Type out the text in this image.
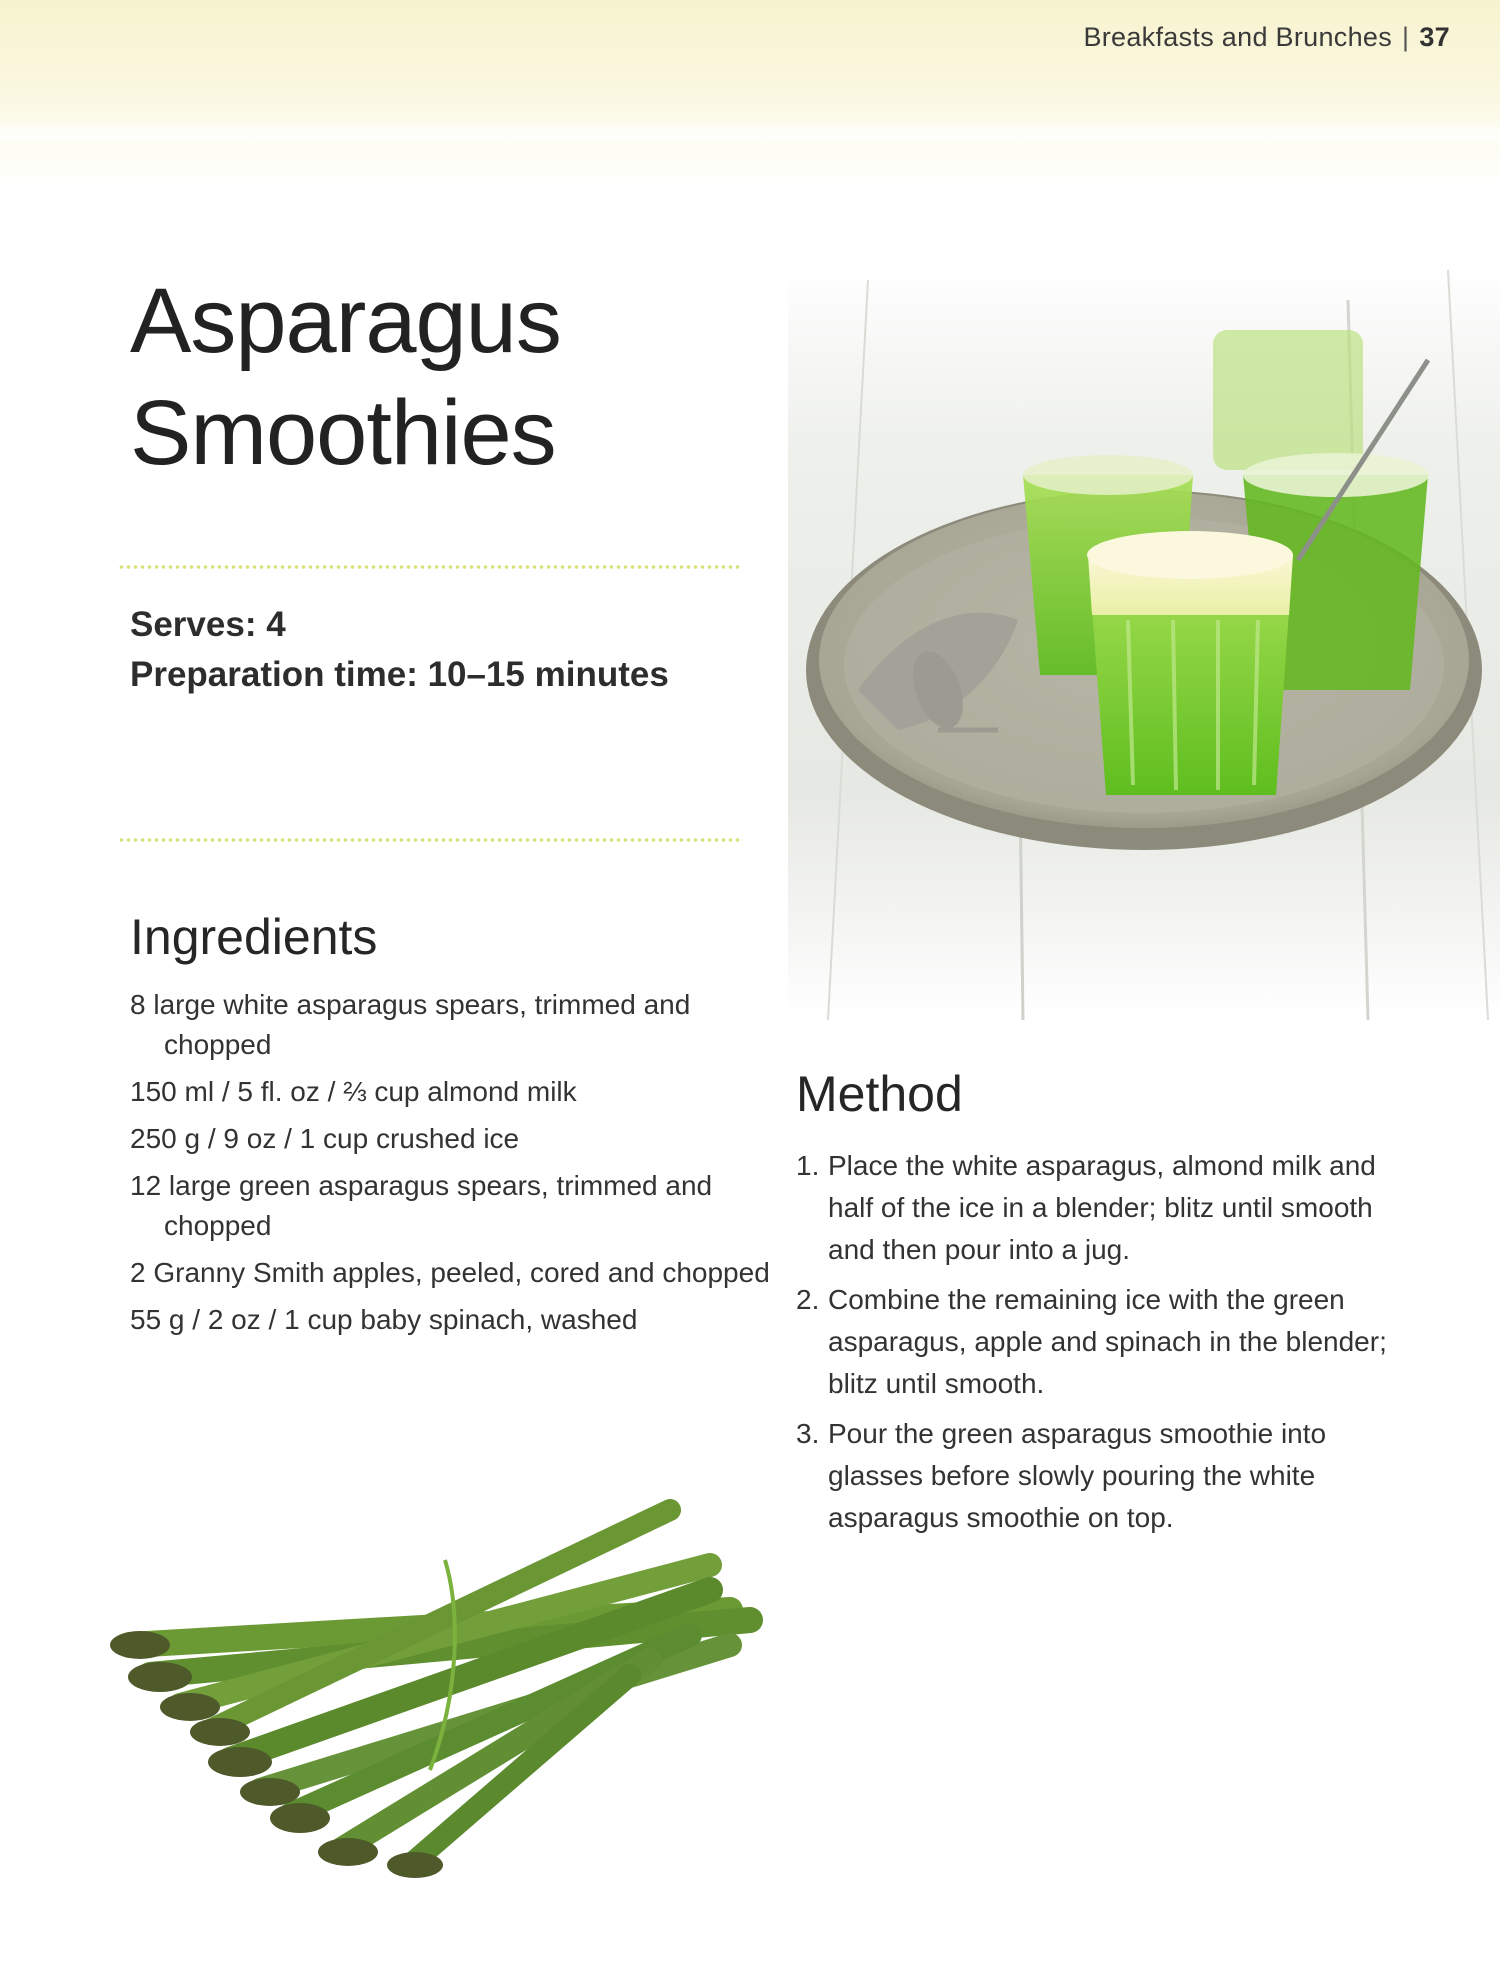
Breakfasts and Brunches | 37
Asparagus
Smoothies
Serves: 4
Preparation time: 10–15 minutes
Ingredients
8 large white asparagus spears, trimmed and chopped
150 ml / 5 fl. oz / ⅔ cup almond milk
250 g / 9 oz / 1 cup crushed ice
12 large green asparagus spears, trimmed and chopped
2 Granny Smith apples, peeled, cored and chopped
55 g / 2 oz / 1 cup baby spinach, washed
Method
1. Place the white asparagus, almond milk and half of the ice in a blender; blitz until smooth and then pour into a jug.
2. Combine the remaining ice with the green asparagus, apple and spinach in the blender; blitz until smooth.
3. Pour the green asparagus smoothie into glasses before slowly pouring the white asparagus smoothie on top.
